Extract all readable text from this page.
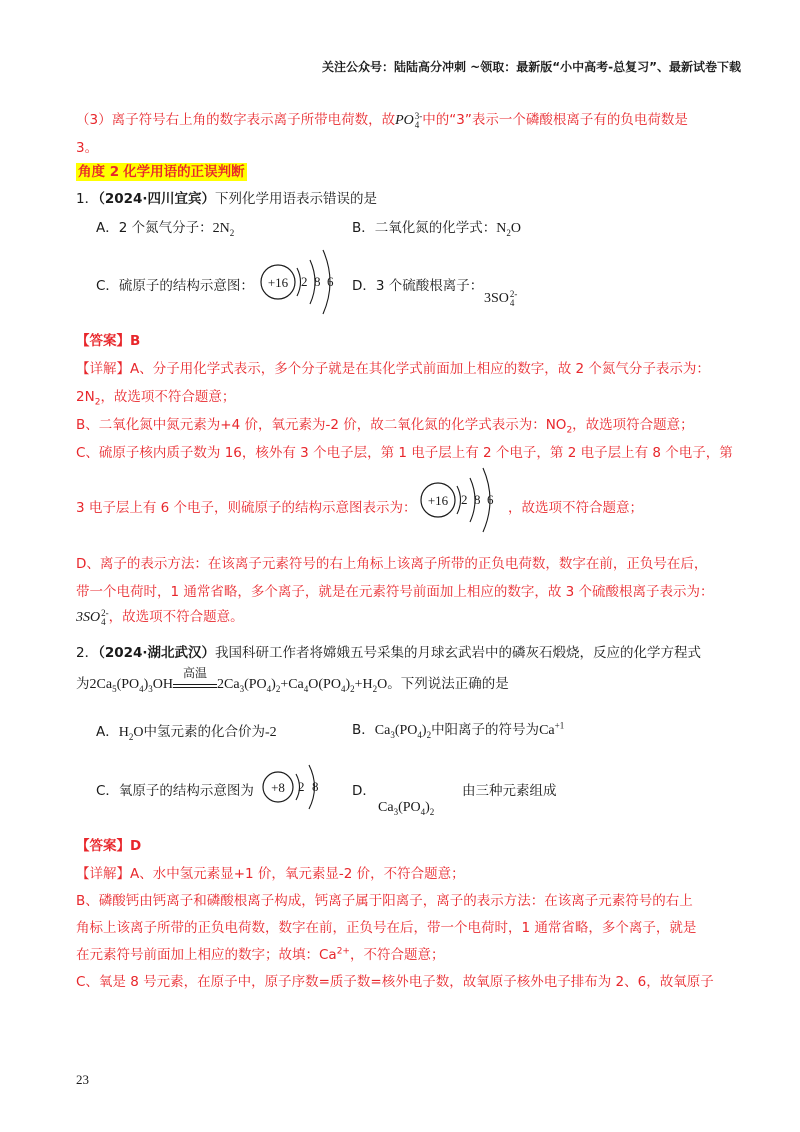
关注公众号：陆陆高分冲刺 ~领取：最新版“小中高考-总复习”、最新试卷下载
（3）离子符号右上角的数字表示离子所带电荷数，故PO 3-
4 中的“3”表示一个磷酸根离子有的负电荷数是
3。
角度 2 化学用语的正误判断
1．（2024·四川宜宾）下列化学用语表示错误的是
A．2 个氮气分子：$2N_2$	B．二氧化氮的化学式：$N_2O$
C．硫原子的结构示意图： +16 2 8 6 D．3 个硫酸根离子：
3SO 2-
4
【答案】B
【详解】A、分子用化学式表示，多个分子就是在其化学式前面加上相应的数字，故 2 个氮气分子表示为：
$2N_2$，故选项不符合题意；
B、二氧化氮中氮元素为+4 价，氧元素为-2 价，故二氧化氮的化学式表示为：$NO_2$，故选项符合题意；
C、硫原子核内质子数为 16，核外有 3 个电子层，第 1 电子层上有 2 个电子，第 2 电子层上有 8 个电子，第
3 电子层上有 6 个电子，则硫原子的结构示意图表示为： +16 2 8 6
，故选项不符合题意；
D、离子的表示方法：在该离子元素符号的右上角标上该离子所带的正负电荷数，数字在前，正负号在后，
带一个电荷时，1 通常省略，多个离子，就是在元素符号前面加上相应的数字，故 3 个硫酸根离子表示为：
3SO 2-
4 ，故选项不符合题意。
2．（2024·湖北武汉）我国科研工作者将嫦娥五号采集的月球玄武岩中的磷灰石煅烧，反应的化学方程式
为$2Ca_5(PO_4)_3OH$
高温
$2Ca_3(PO_4)_2+Ca_4O(PO_4)_2+H_2O$。下列说法正确的是
A．$H_2O$中氢元素的化合价为-2	B．$Ca_3(PO_4)_2$中阳离子的符号为$Ca^{+1}$
C．氧原子的结构示意图为 +8 2 8 D．
$Ca_3(PO_4)_2$
由三种元素组成
【答案】D
【详解】A、水中氢元素显+1 价，氧元素显-2 价，不符合题意；
B、磷酸钙由钙离子和磷酸根离子构成，钙离子属于阳离子，离子的表示方法：在该离子元素符号的右上
角标上该离子所带的正负电荷数，数字在前，正负号在后，带一个电荷时，1 通常省略，多个离子，就是
在元素符号前面加上相应的数字；故填：$Ca^{2+}$，不符合题意；
C、氧是 8 号元素，在原子中，原子序数=质子数=核外电子数，故氧原子核外电子排布为 2、6，故氧原子
23
